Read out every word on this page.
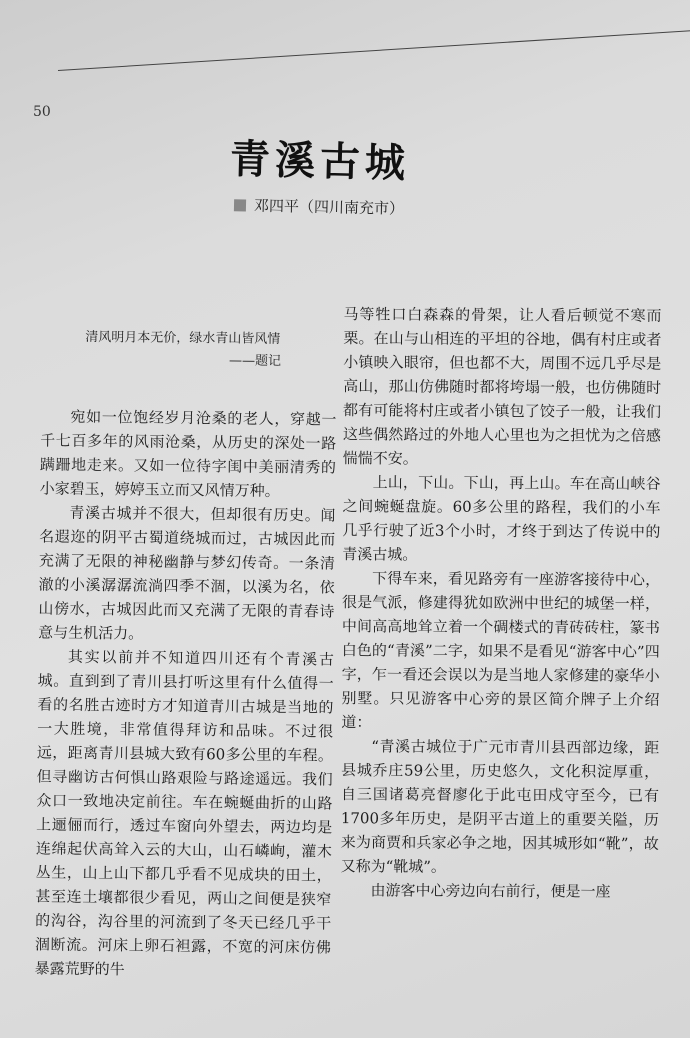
50
青溪古城
邓四平（四川南充市）
清风明月本无价，绿水青山皆风情
——题记

宛如一位饱经岁月沧桑的老人，穿越一千七百多年的风雨沧桑，从历史的深处一路蹒跚地走来。又如一位待字闺中美丽清秀的小家碧玉，婷婷玉立而又风情万种。

青溪古城并不很大，但却很有历史。闻名遐迩的阴平古蜀道绕城而过，古城因此而充满了无限的神秘幽静与梦幻传奇。一条清澈的小溪潺潺流淌四季不涸，以溪为名，依山傍水，古城因此而又充满了无限的青春诗意与生机活力。

其实以前并不知道四川还有个青溪古城。直到到了青川县打听这里有什么值得一看的名胜古迹时方才知道青川古城是当地的一大胜境，非常值得拜访和品味。不过很远，距离青川县城大致有60多公里的车程。但寻幽访古何惧山路艰险与路途遥远。我们众口一致地决定前往。车在蜿蜒曲折的山路上逦俪而行，透过车窗向外望去，两边均是连绵起伏高耸入云的大山，山石嶙峋，灌木丛生，山上山下都几乎看不见成块的田土，甚至连土壤都很少看见，两山之间便是狭窄的沟谷，沟谷里的河流到了冬天已经几乎干涸断流。河床上卵石袒露，不宽的河床仿佛暴露荒野的牛

马等牲口白森森的骨架，让人看后顿觉不寒而栗。在山与山相连的平坦的谷地，偶有村庄或者小镇映入眼帘，但也都不大，周围不远几乎尽是高山，那山仿佛随时都将垮塌一般，也仿佛随时都有可能将村庄或者小镇包了饺子一般，让我们这些偶然路过的外地人心里也为之担忧为之倍感惴惴不安。

上山，下山。下山，再上山。车在高山峡谷之间蜿蜒盘旋。60多公里的路程，我们的小车几乎行驶了近3个小时，才终于到达了传说中的青溪古城。

下得车来，看见路旁有一座游客接待中心，很是气派，修建得犹如欧洲中世纪的城堡一样，中间高高地耸立着一个碉楼式的青砖砖柱，篆书白色的“青溪”二字，如果不是看见“游客中心”四字，乍一看还会误以为是当地人家修建的豪华小别墅。只见游客中心旁的景区简介牌子上介绍道：

“青溪古城位于广元市青川县西部边缘，距县城乔庄59公里，历史悠久，文化积淀厚重，自三国诸葛亮督廖化于此屯田戍守至今，已有1700多年历史，是阴平古道上的重要关隘，历来为商贾和兵家必争之地，因其城形如“靴”，故又称为“靴城”。

由游客中心旁边向右前行，便是一座
